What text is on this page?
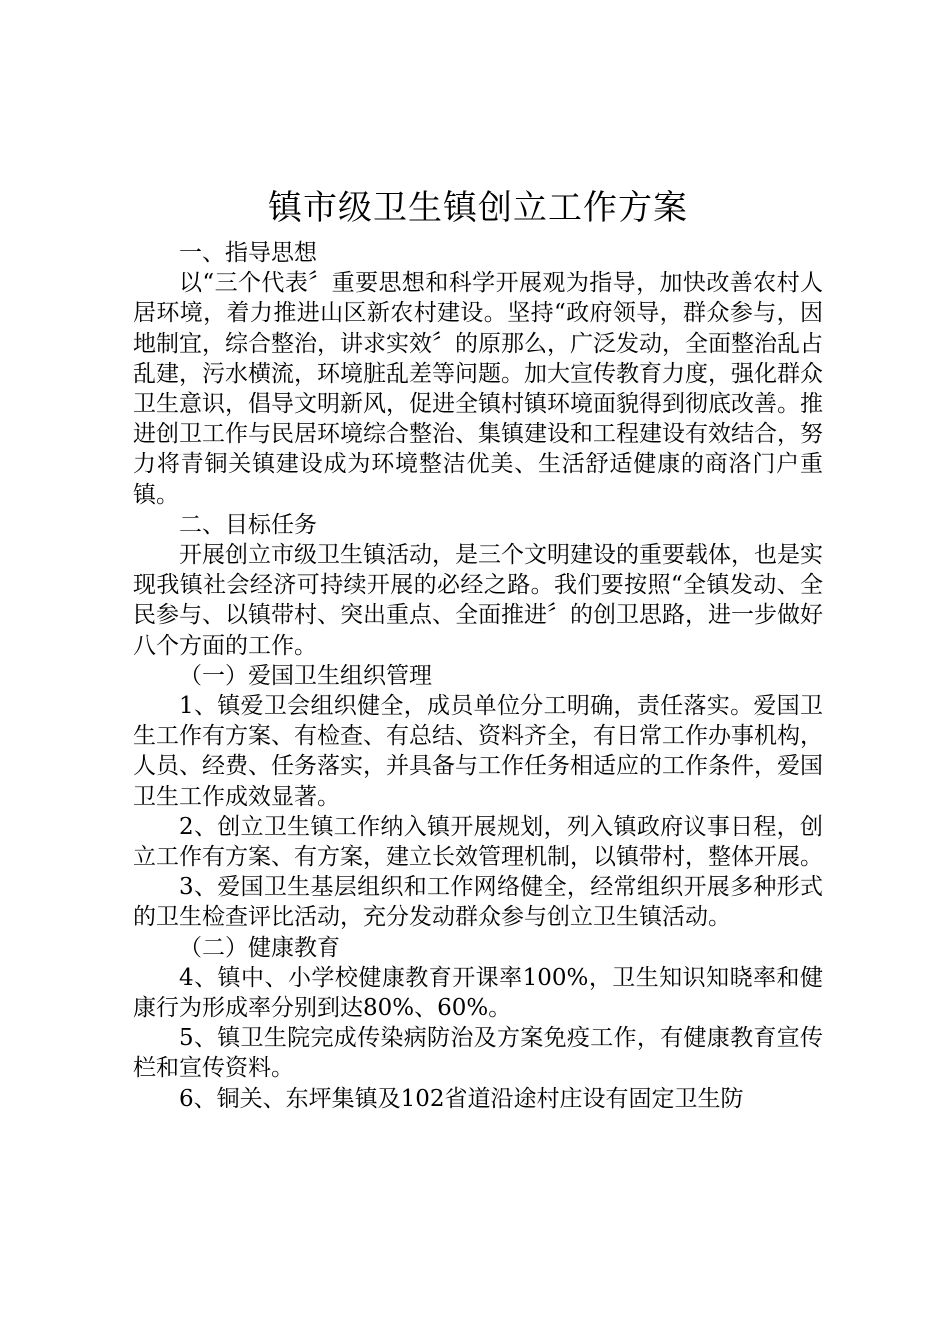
镇市级卫生镇创立工作方案

一、指导思想

以“三个代表〞重要思想和科学开展观为指导，加快改善农村人居环境，着力推进山区新农村建设。坚持“政府领导，群众参与，因地制宜，综合整治，讲求实效〞的原那么，广泛发动，全面整治乱占乱建，污水横流，环境脏乱差等问题。加大宣传教育力度，强化群众卫生意识，倡导文明新风，促进全镇村镇环境面貌得到彻底改善。推进创卫工作与民居环境综合整治、集镇建设和工程建设有效结合，努力将青铜关镇建设成为环境整洁优美、生活舒适健康的商洛门户重镇。

二、目标任务

开展创立市级卫生镇活动，是三个文明建设的重要载体，也是实现我镇社会经济可持续开展的必经之路。我们要按照“全镇发动、全民参与、以镇带村、突出重点、全面推进〞的创卫思路，进一步做好八个方面的工作。

（一）爱国卫生组织管理

1、镇爱卫会组织健全，成员单位分工明确，责任落实。爱国卫生工作有方案、有检查、有总结、资料齐全，有日常工作办事机构，人员、经费、任务落实，并具备与工作任务相适应的工作条件，爱国卫生工作成效显著。

2、创立卫生镇工作纳入镇开展规划，列入镇政府议事日程，创立工作有方案、有方案，建立长效管理机制，以镇带村，整体开展。

3、爱国卫生基层组织和工作网络健全，经常组织开展多种形式的卫生检查评比活动，充分发动群众参与创立卫生镇活动。

（二）健康教育

4、镇中、小学校健康教育开课率100%，卫生知识知晓率和健康行为形成率分别到达80%、60%。

5、镇卫生院完成传染病防治及方案免疫工作，有健康教育宣传栏和宣传资料。

6、铜关、东坪集镇及102省道沿途村庄设有固定卫生防
